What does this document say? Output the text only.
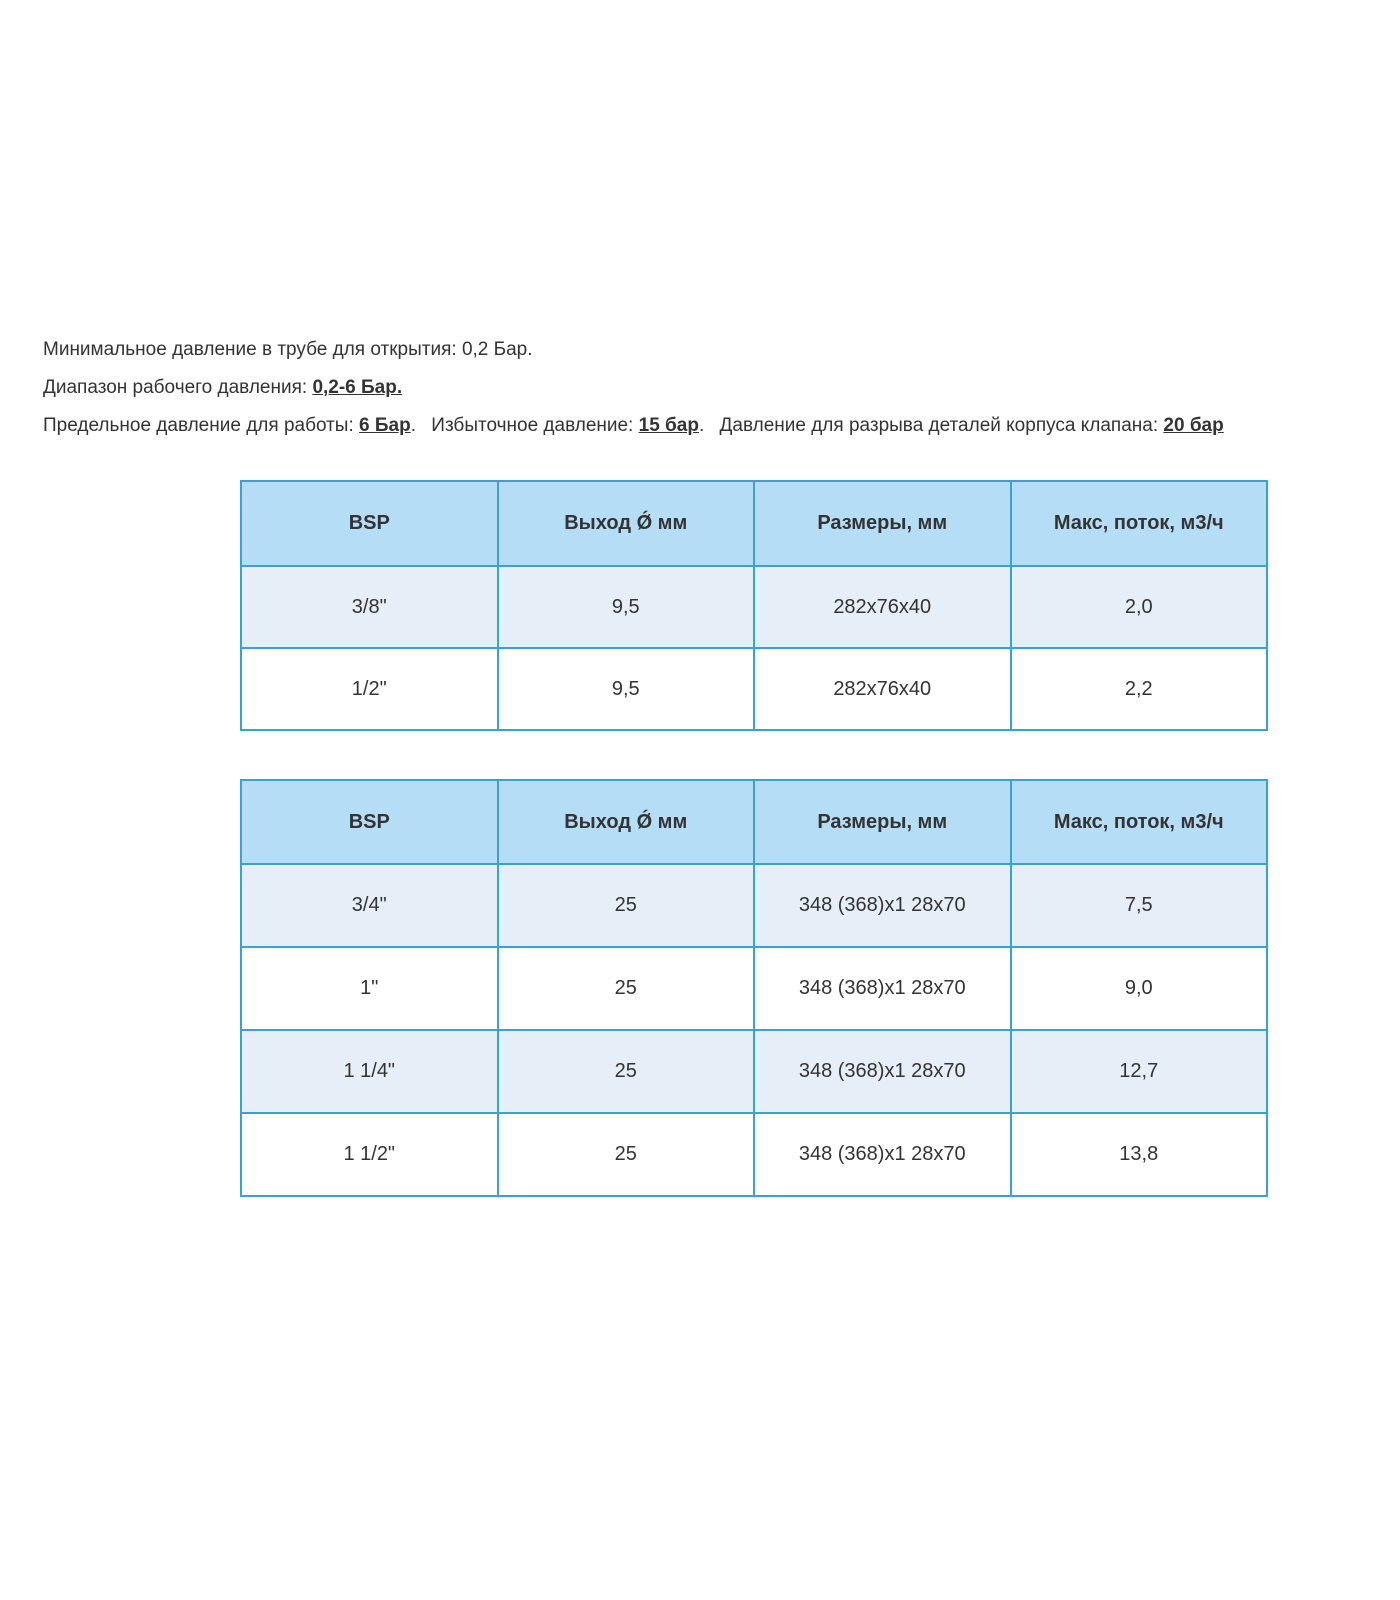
Минимальное давление в трубе для открытия: 0,2 Бар.
Диапазон рабочего давления: 0,2-6 Бар.
Предельное давление для работы: 6 Бар. Избыточное давление: 15 бар. Давление для разрыва деталей корпуса клапана: 20 бар
BSP	Выход Ǿ мм	Размеры, мм	Макс, поток, м3/ч
3/8"	9,5	282x76x40	2,0
1/2"	9,5	282x76x40	2,2
BSP	Выход Ǿ мм	Размеры, мм	Макс, поток, м3/ч
3/4"	25	348 (368)x1 28x70	7,5
1"	25	348 (368)x1 28x70	9,0
1 1/4"	25	348 (368)x1 28x70	12,7
1 1/2"	25	348 (368)x1 28x70	13,8
